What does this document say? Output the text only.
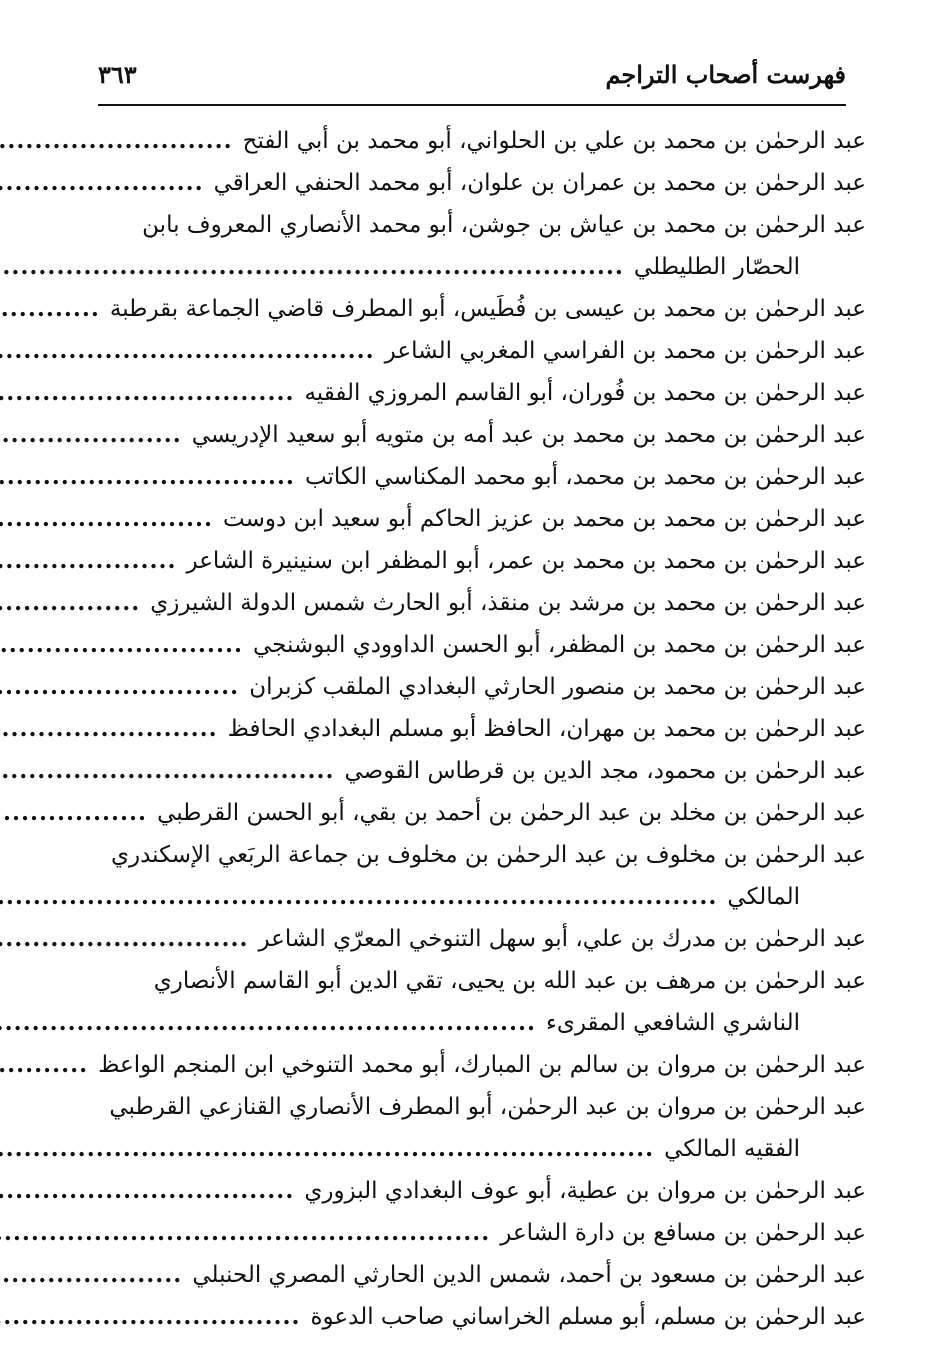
فهرست أصحاب التراجم
٣٦٣
عبد الرحمٰن بن محمد بن علي بن الحلواني، أبو محمد بن أبي الفتح
.....
عبد الرحمٰن بن محمد بن عمران بن علوان، أبو محمد الحنفي العراقي
.....
عبد الرحمٰن بن محمد بن عياش بن جوشن، أبو محمد الأنصاري المعروف بابن
الحصّار الطليطلي
.....
عبد الرحمٰن بن محمد بن عيسى بن فُطَيس، أبو المطرف قاضي الجماعة بقرطبة
.....
عبد الرحمٰن بن محمد بن الفراسي المغربي الشاعر
.....
عبد الرحمٰن بن محمد بن فُوران، أبو القاسم المروزي الفقيه
.....
عبد الرحمٰن بن محمد بن محمد بن عبد أمه بن متويه أبو سعيد الإدريسي
.....
عبد الرحمٰن بن محمد بن محمد، أبو محمد المكناسي الكاتب
.....
عبد الرحمٰن بن محمد بن محمد بن عزيز الحاكم أبو سعيد ابن دوست
.....
عبد الرحمٰن بن محمد بن محمد بن عمر، أبو المظفر ابن سنينيرة الشاعر
.....
عبد الرحمٰن بن محمد بن مرشد بن منقذ، أبو الحارث شمس الدولة الشيرزي
.....
عبد الرحمٰن بن محمد بن المظفر، أبو الحسن الداوودي البوشنجي
.....
عبد الرحمٰن بن محمد بن منصور الحارثي البغدادي الملقب كزبران
.....
عبد الرحمٰن بن محمد بن مهران، الحافظ أبو مسلم البغدادي الحافظ
.....
عبد الرحمٰن بن محمود، مجد الدين بن قرطاس القوصي
.....
عبد الرحمٰن بن مخلد بن عبد الرحمٰن بن أحمد بن بقي، أبو الحسن القرطبي
.....
عبد الرحمٰن بن مخلوف بن عبد الرحمٰن بن مخلوف بن جماعة الربَعي الإسكندري
المالكي
.....
عبد الرحمٰن بن مدرك بن علي، أبو سهل التنوخي المعرّي الشاعر
.....
عبد الرحمٰن بن مرهف بن عبد الله بن يحيى، تقي الدين أبو القاسم الأنصاري
الناشري الشافعي المقرىء
.....
عبد الرحمٰن بن مروان بن سالم بن المبارك، أبو محمد التنوخي ابن المنجم الواعظ
.....
عبد الرحمٰن بن مروان بن عبد الرحمٰن، أبو المطرف الأنصاري القنازعي القرطبي
الفقيه المالكي
.....
عبد الرحمٰن بن مروان بن عطية، أبو عوف البغدادي البزوري
.....
عبد الرحمٰن بن مسافع بن دارة الشاعر
.....
عبد الرحمٰن بن مسعود بن أحمد، شمس الدين الحارثي المصري الحنبلي
.....
عبد الرحمٰن بن مسلم، أبو مسلم الخراساني صاحب الدعوة
.....
